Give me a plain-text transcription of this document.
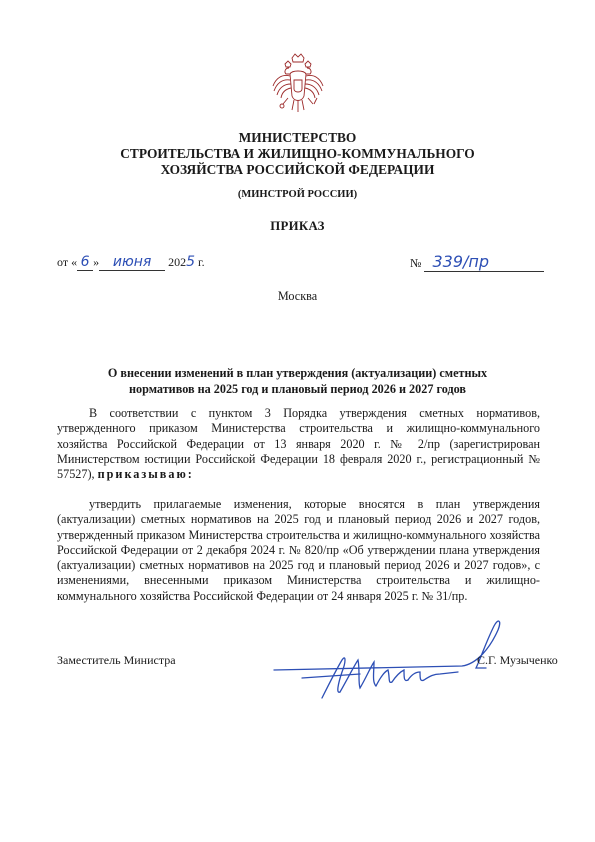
МИНИСТЕРСТВО
СТРОИТЕЛЬСТВА И ЖИЛИЩНО-КОММУНАЛЬНОГО
ХОЗЯЙСТВА РОССИЙСКОЙ ФЕДЕРАЦИИ
(МИНСТРОЙ РОССИИ)
ПРИКАЗ
от « 6 » июня 2025 г.	№ 339/пр
Москва
О внесении изменений в план утверждения (актуализации) сметных
нормативов на 2025 год и плановый период 2026 и 2027 годов

В соответствии с пунктом 3 Порядка утверждения сметных нормативов, утвержденного приказом Министерства строительства и жилищно-коммунального хозяйства Российской Федерации от 13 января 2020 г. № 2/пр (зарегистрирован Министерством юстиции Российской Федерации 18 февраля 2020 г., регистрационный № 57527), приказываю:

утвердить прилагаемые изменения, которые вносятся в план утверждения (актуализации) сметных нормативов на 2025 год и плановый период 2026 и 2027 годов, утвержденный приказом Министерства строительства и жилищно-коммунального хозяйства Российской Федерации от 2 декабря 2024 г. № 820/пр «Об утверждении плана утверждения (актуализации) сметных нормативов на 2025 год и плановый период 2026 и 2027 годов», с изменениями, внесенными приказом Министерства строительства и жилищно-коммунального хозяйства Российской Федерации от 24 января 2025 г. № 31/пр.

Заместитель Министра	С.Г. Музыченко
